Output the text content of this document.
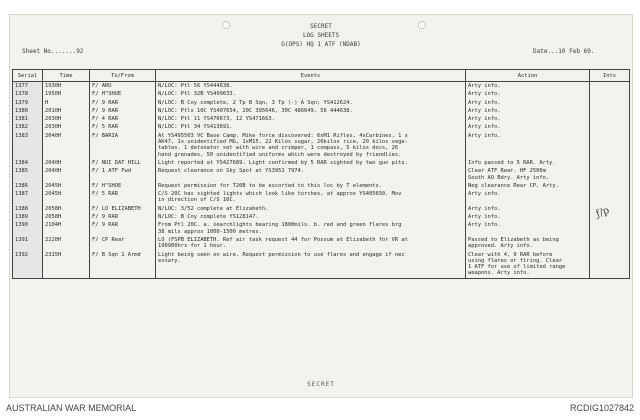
SECRET
LOG SHEETS
G(OPS) HQ 1 ATF (NDAB)
Sheet No.......92	Date...10 Feb 69.
Serial	Time	To/From	Events	Action	Ints
1377	1930H	F/ ARU	N/LOC: Ptl 56 YS444638.	Arty info.	
1378	1950H	F/ H"SHOE	N/LOC: Ptl 32B YS499633.	Arty info.	
1379	H	F/ 9 RAR	N/LOC: B Coy complete, 2 Tp B Sqn, 3 Tp (-) A Sqn; YS412624.	Arty info.	
1380	2010H	F/ 9 RAR	N/LOC: Ptls 10C YS407654, 20C 395646, 30C 486649, 56 444638.	Arty info.	
1381	2030H	F/ 4 RAR	N/LOC: Ptl 11 YS476673, 12 YS471663.	Arty info.	
1382	2030H	F/ 5 RAR	N/LOC: Ptl 34 YS413691.	Arty info.	
1383	2040H	F/ BARIA	At YS495503 VC Base Camp. Mike force discovered: 6xM1 Rifles, 4xCarbines, 1 x
AK47, 1x unidentified MG, 1xM15, 22 Kilos sugar, 20kilos rice, 20 kilos vege-
tables. 1 detonator set with wire and crimper, 1 compass, 5 kilos docs, 26
hand grenades, 50 unidentified uniforms which were destroyed by friendlies.	Arty info.	
1384	2040H	F/ NUI DAT HILL	Light reported at YS427689. Light confirmed by 5 RAR sighted by two gun pits.	Info passed to 5 RAR. Arty.	
1385	2040H	F/ 1 ATF Fwd	Request clearance on Sky Spot at YS3951 7974.	Clear ATF Rear. HF 2500m
South AO Bdry. Arty info.	
1386	2045H	F/ H"SHOE	Request permission for T20B to be escorted to this loc by T elements.	Neg clearance Rear CP. Arty.	
1387	2045H	F/ 5 RAR	C/S 20C has sighted lights which look like torches, at approx YS405650. Mov
in direction of C/S 10C.	Arty info.	
1388	2058H	F/ LO ELIZABETH	N/LOC: 3/52 complete at Elizabeth.	Arty info.	
1389	2058H	F/ 9 RAR	N/LOC: B Coy complete YS128147.	Arty info.	
1390	2104H	F/ 9 RAR	From Ptl 20C. a. searchlights bearing 1800mils. b. red and green flares brg
38 mils approx 1000-1500 metres.	Arty info.	
1391	2220H	F/ CP Rear	LO (FSPB ELIZABETH. Ref air task request 44 for Possum at Elizabeth for VR at
190900hrs for 1 hour.	Passed to Elizabeth as being
approved. Arty info.	
1392	2315H	F/ B Sqn 1 Armd	Light being seen on wire. Request permission to use flares and engage if nec
essary.	Clear with 4, 9 RAR before
using flares or firing. Clear
1 ATF for use of limited range
weapons. Arty info.	
ƒ/p
SECRET
AUSTRALIAN WAR MEMORIAL	RCDIG1027842
